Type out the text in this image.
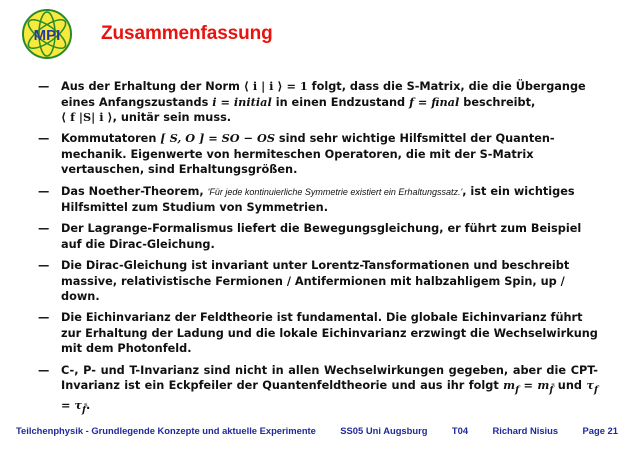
MPI Zusammenfassung
— Aus der Erhaltung der Norm ⟨ i | i ⟩ = 1 folgt, dass die S-Matrix, die die Übergange eines Anfangszustands i = initial in einen Endzustand f = final beschreibt,
⟨ f |S| i ⟩, unitär sein muss.
— Kommutatoren [ S, O ] = SO − OS sind sehr wichtige Hilfsmittel der Quanten-mechanik. Eigenwerte von hermiteschen Operatoren, die mit der S-Matrix vertauschen, sind Erhaltungsgrößen.
— Das Noether-Theorem, 'Für jede kontinuierliche Symmetrie existiert ein Erhaltungssatz.', ist ein wichtiges Hilfsmittel zum Studium von Symmetrien.
— Der Lagrange-Formalismus liefert die Bewegungsgleichung, er führt zum Beispiel auf die Dirac-Gleichung.
— Die Dirac-Gleichung ist invariant unter Lorentz-Tansformationen und beschreibt massive, relativistische Fermionen / Antifermionen mit halbzahligem Spin, up / down.
— Die Eichinvarianz der Feldtheorie ist fundamental. Die globale Eichinvarianz führt zur Erhaltung der Ladung und die lokale Eichinvarianz erzwingt die Wechselwirkung mit dem Photonfeld.
— C-, P- und T-Invarianz sind nicht in allen Wechselwirkungen gegeben, aber die CPT-Invarianz ist ein Eckpfeiler der Quantenfeldtheorie und aus ihr folgt $m_f = m_{f̄}$ und $\tau_f = \tau_{f̄}$.
Teilchenphysik - Grundlegende Konzepte und aktuelle Experimente	SS05 Uni Augsburg	T04	Richard Nisius	Page 21
